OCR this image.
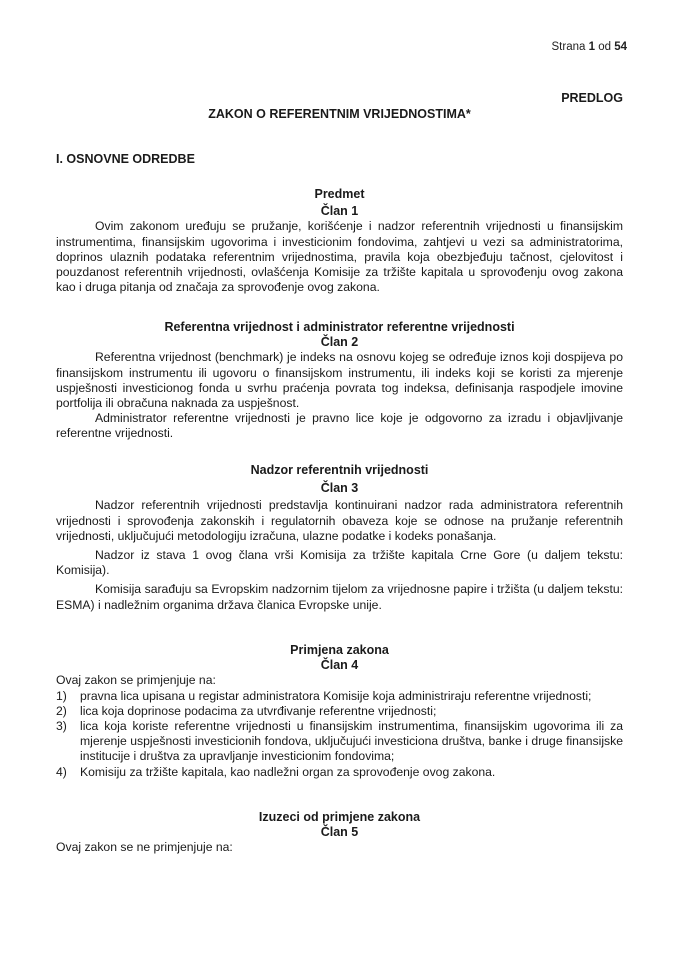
Strana 1 od 54
PREDLOG
ZAKON O REFERENTNIM VRIJEDNOSTIMA*
I. OSNOVNE ODREDBE
Predmet
Član 1

Ovim zakonom uređuju se pružanje, korišćenje i nadzor referentnih vrijednosti u finansijskim instrumentima, finansijskim ugovorima i investicionim fondovima, zahtjevi u vezi sa administratorima, doprinos ulaznih podataka referentnim vrijednostima, pravila koja obezbjeđuju tačnost, cjelovitost i pouzdanost referentnih vrijednosti, ovlašćenja Komisije za tržište kapitala u sprovođenju ovog zakona kao i druga pitanja od značaja za sprovođenje ovog zakona.

Referentna vrijednost i administrator referentne vrijednosti
Član 2

Referentna vrijednost (benchmark) je indeks na osnovu kojeg se određuje iznos koji dospijeva po finansijskom instrumentu ili ugovoru o finansijskom instrumentu, ili indeks koji se koristi za mjerenje uspješnosti investicionog fonda u svrhu praćenja povrata tog indeksa, definisanja raspodjele imovine portfolija ili obračuna naknada za uspješnost.

Administrator referentne vrijednosti je pravno lice koje je odgovorno za izradu i objavljivanje referentne vrijednosti.

Nadzor referentnih vrijednosti
Član 3

Nadzor referentnih vrijednosti predstavlja kontinuirani nadzor rada administratora referentnih vrijednosti i sprovođenja zakonskih i regulatornih obaveza koje se odnose na pružanje referentnih vrijednosti, uključujući metodologiju izračuna, ulazne podatke i kodeks ponašanja.

Nadzor iz stava 1 ovog člana vrši Komisija za tržište kapitala Crne Gore (u daljem tekstu: Komisija).

Komisija sarađuju sa Evropskim nadzornim tijelom za vrijednosne papire i tržišta (u daljem tekstu: ESMA) i nadležnim organima država članica Evropske unije.

Primjena zakona
Član 4

Ovaj zakon se primjenjuje na:

1) pravna lica upisana u registar administratora Komisije koja administriraju referentne vrijednosti;
2) lica koja doprinose podacima za utvrđivanje referentne vrijednosti;
3) lica koja koriste referentne vrijednosti u finansijskim instrumentima, finansijskim ugovorima ili za mjerenje uspješnosti investicionih fondova, uključujući investiciona društva, banke i druge finansijske institucije i društva za upravljanje investicionim fondovima;
4) Komisiju za tržište kapitala, kao nadležni organ za sprovođenje ovog zakona.
Izuzeci od primjene zakona
Član 5

Ovaj zakon se ne primjenjuje na:
